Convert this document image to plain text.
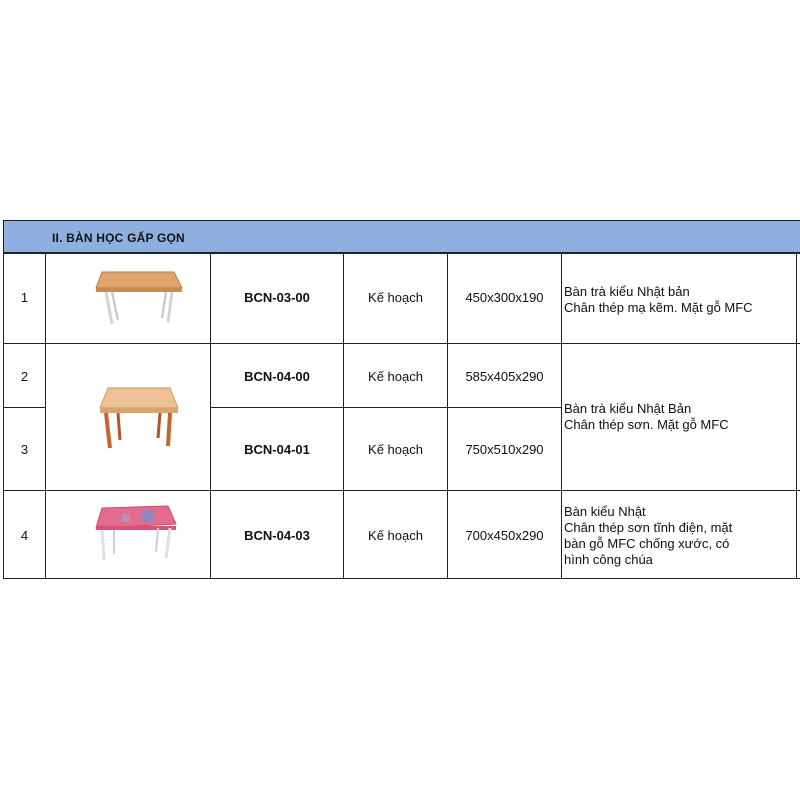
II. BÀN HỌC GẤP GỌN
1	BCN-03-00	Kế hoạch	450x300x190	Bàn trà kiểu Nhật bản
Chân thép mạ kẽm. Mặt gỗ MFC
2	BCN-04-00	Kế hoạch	585x405x290
3	BCN-04-01	Kế hoạch	750x510x290
Bàn trà kiểu Nhật Bản
Chân thép sơn. Mặt gỗ MFC
4	BCN-04-03	Kế hoạch	700x450x290
Bàn kiểu Nhật
Chân thép sơn tĩnh điện, mặt
bàn gỗ MFC chống xước, có
hình công chúa
